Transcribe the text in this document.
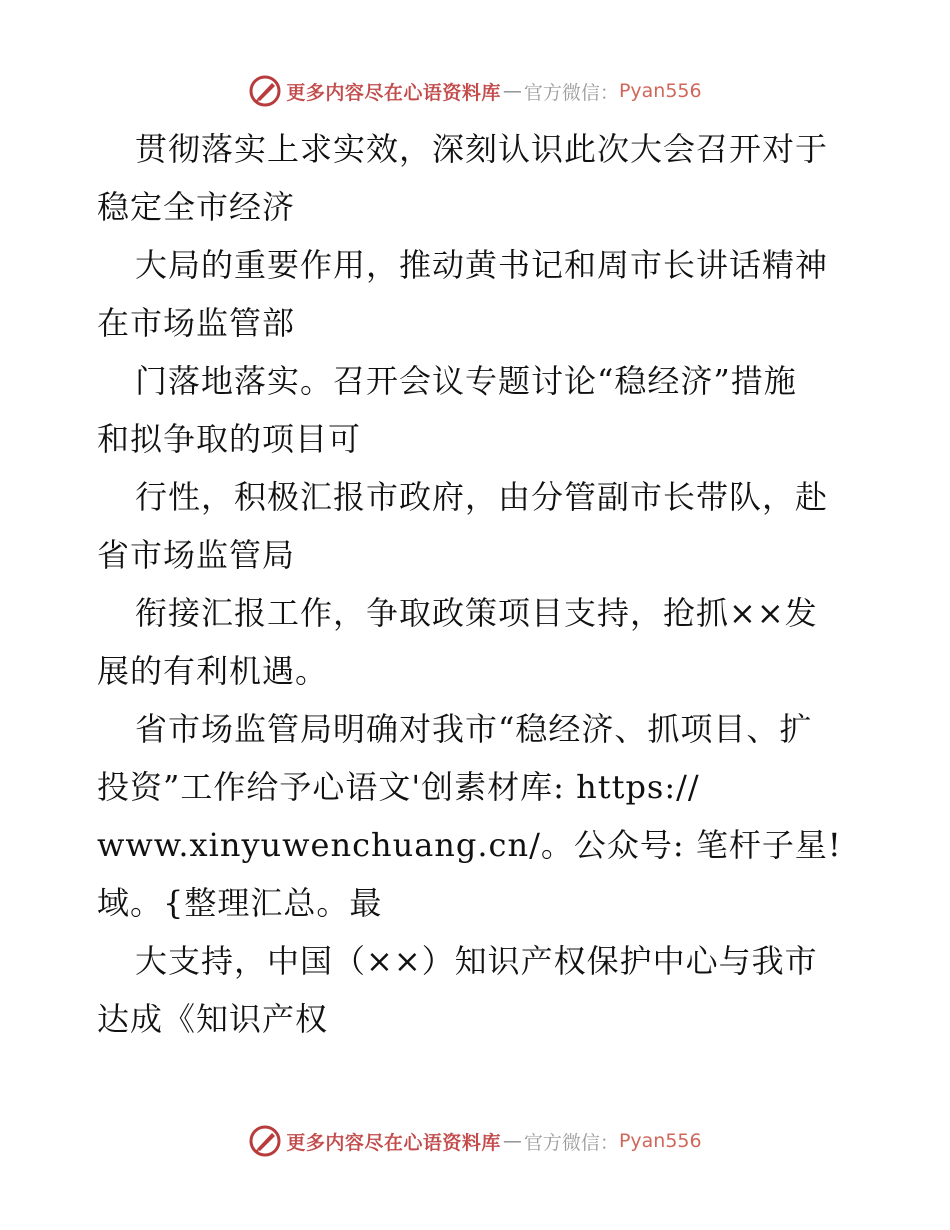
更多内容尽在心语资料库 — 官方微信： Pyan556
贯彻落实上求实效，深刻认识此次大会召开对于
稳定全市经济
大局的重要作用，推动黄书记和周市长讲话精神
在市场监管部
门落地落实。召开会议专题讨论“稳经济”措施
和拟争取的项目可
行性，积极汇报市政府，由分管副市长带队，赴
省市场监管局
衔接汇报工作，争取政策项目支持，抢抓××发
展的有利机遇。
省市场监管局明确对我市“稳经济、抓项目、扩
投资”工作给予心语文'创素材库: https://
www.xinyuwenchuang.cn/。公众号: 笔杆子星!
域。{整理汇总。最
大支持，中国（××）知识产权保护中心与我市
达成《知识产权
更多内容尽在心语资料库 — 官方微信： Pyan556
